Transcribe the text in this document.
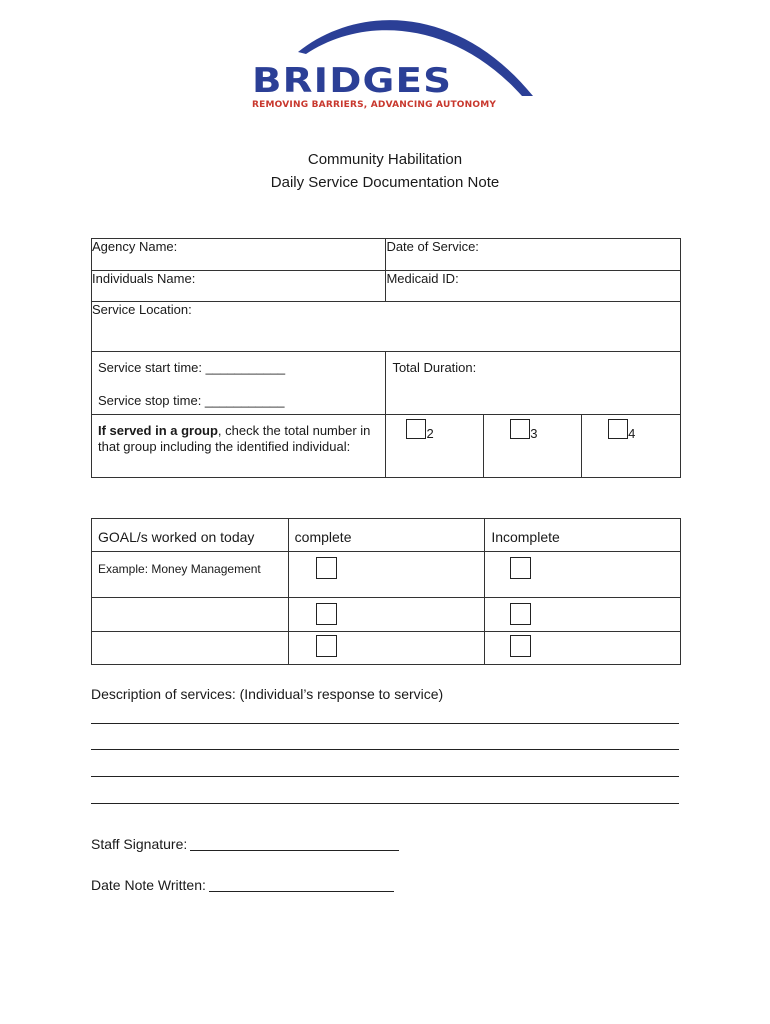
BRIDGES
REMOVING BARRIERS, ADVANCING AUTONOMY
Community Habilitation
Daily Service Documentation Note
Agency Name:	Date of Service:		
Individuals Name:	Medicaid ID:		
Service Location:			

Service start time: ___________
Service stop time: ___________	Total Duration:		
If served in a group, check the total number in that group including the identified individual:	2	3	4
GOAL/s worked on today	complete	Incomplete
Example: Money Management		

Description of services: (Individual’s response to service)
Staff Signature:
Date Note Written:
